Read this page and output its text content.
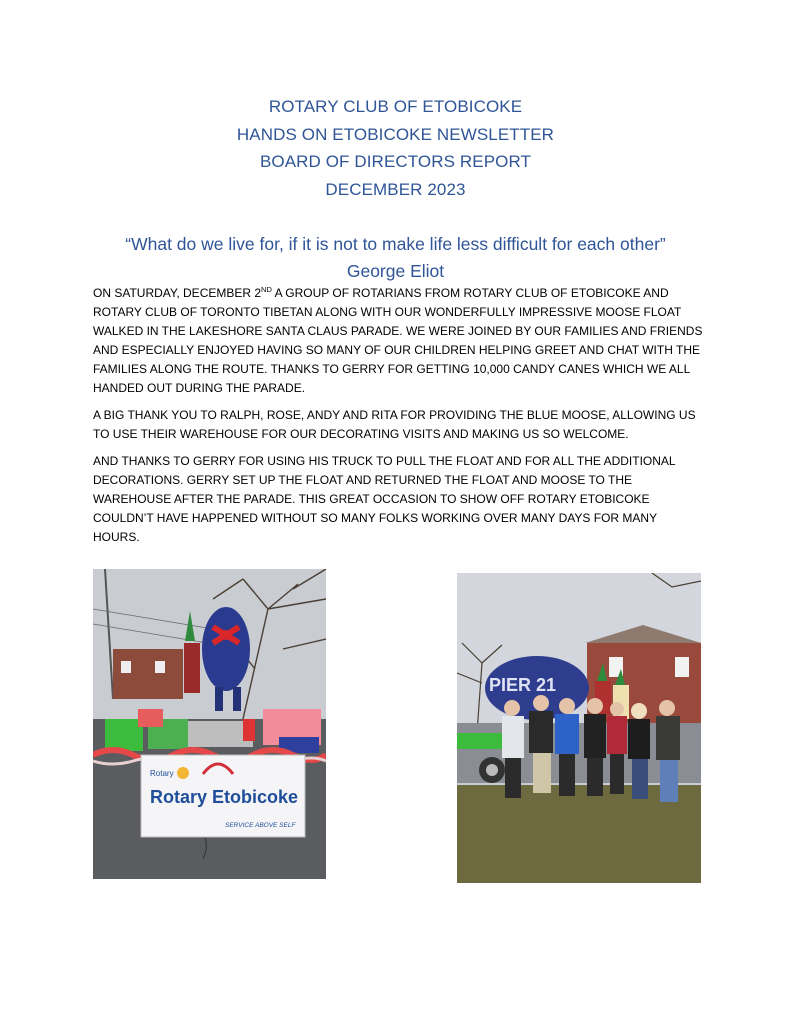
ROTARY CLUB OF ETOBICOKE
HANDS ON ETOBICOKE NEWSLETTER
BOARD OF DIRECTORS REPORT
DECEMBER 2023
“What do we live for, if it is not to make life less difficult for each other”
George Eliot

ON SATURDAY, DECEMBER 2ND A GROUP OF ROTARIANS FROM ROTARY CLUB OF ETOBICOKE AND ROTARY CLUB OF TORONTO TIBETAN ALONG WITH OUR WONDERFULLY IMPRESSIVE MOOSE FLOAT WALKED IN THE LAKESHORE SANTA CLAUS PARADE. WE WERE JOINED BY OUR FAMILIES AND FRIENDS AND ESPECIALLY ENJOYED HAVING SO MANY OF OUR CHILDREN HELPING GREET AND CHAT WITH THE FAMILIES ALONG THE ROUTE. THANKS TO GERRY FOR GETTING 10,000 CANDY CANES WHICH WE ALL HANDED OUT DURING THE PARADE.

A BIG THANK YOU TO RALPH, ROSE, ANDY AND RITA FOR PROVIDING THE BLUE MOOSE, ALLOWING US TO USE THEIR WAREHOUSE FOR OUR DECORATING VISITS AND MAKING US SO WELCOME.

AND THANKS TO GERRY FOR USING HIS TRUCK TO PULL THE FLOAT AND FOR ALL THE ADDITIONAL DECORATIONS. GERRY SET UP THE FLOAT AND RETURNED THE FLOAT AND MOOSE TO THE WAREHOUSE AFTER THE PARADE. THIS GREAT OCCASION TO SHOW OFF ROTARY ETOBICOKE COULDN’T HAVE HAPPENED WITHOUT SO MANY FOLKS WORKING OVER MANY DAYS FOR MANY HOURS.

Rotary
Rotary Etobicoke
SERVICE ABOVE SELF
PIER 21
